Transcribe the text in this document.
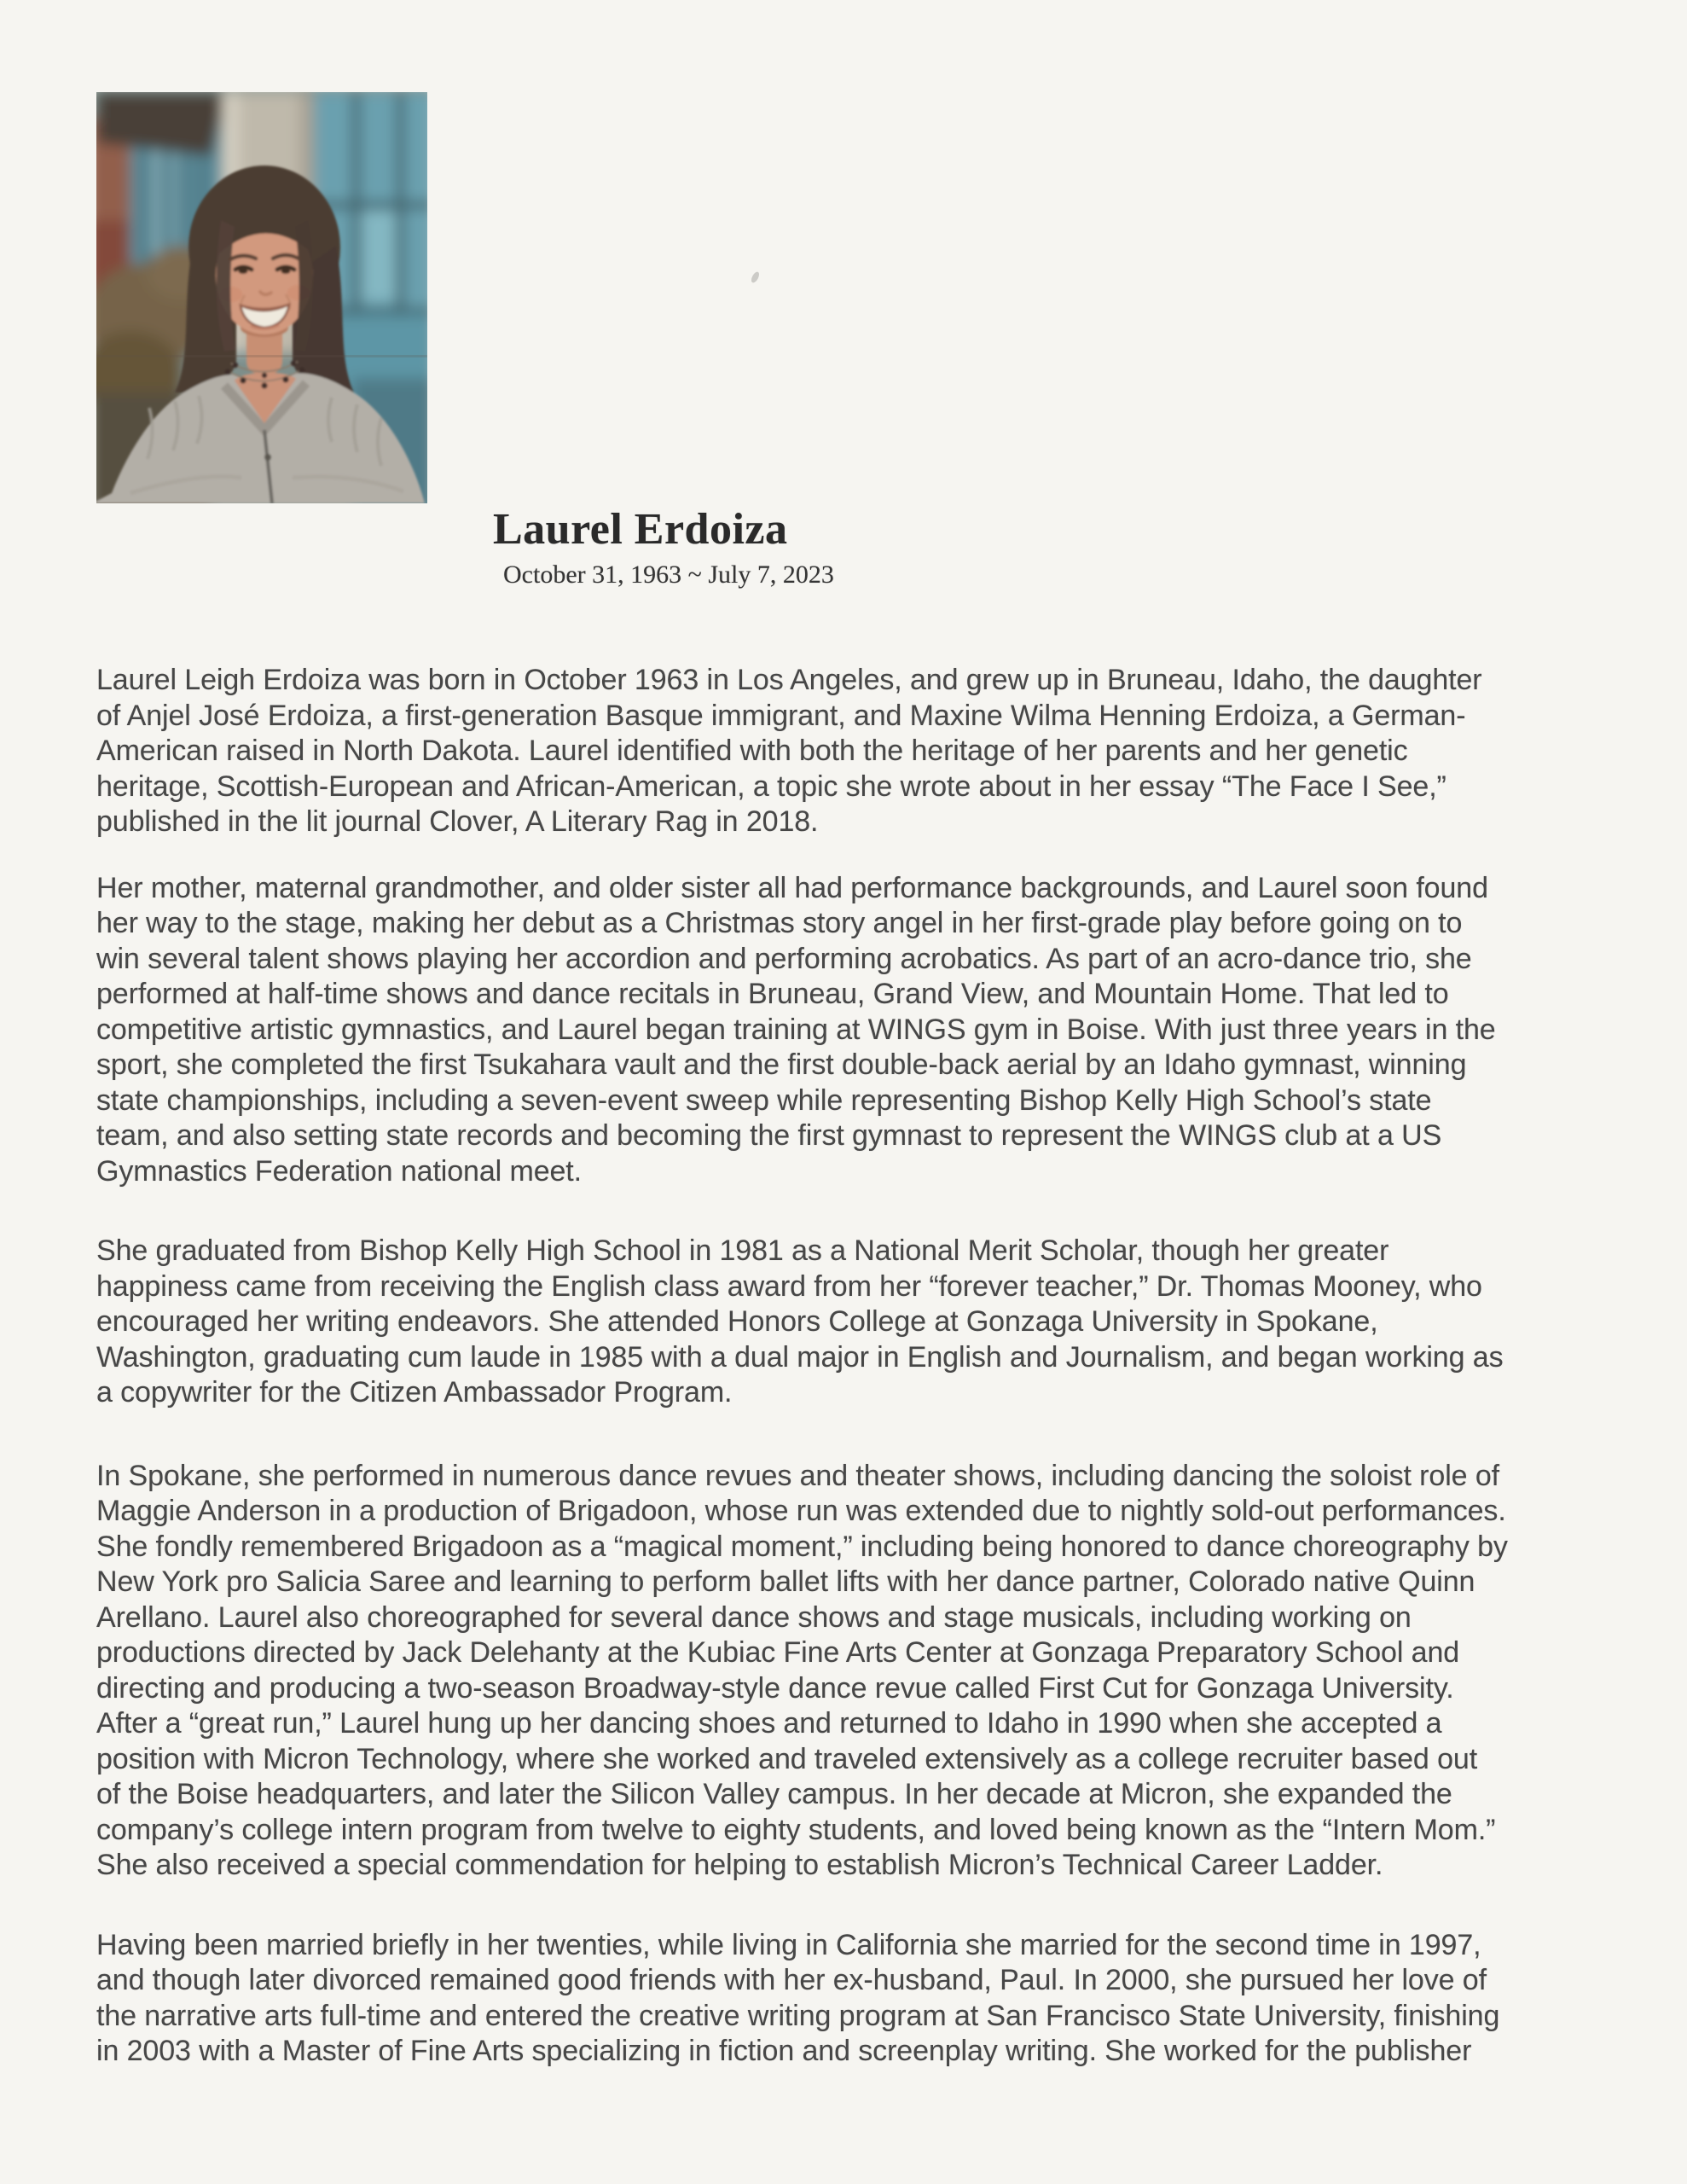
Laurel Erdoiza
October 31, 1963 ~ July 7, 2023
Laurel Leigh Erdoiza was born in October 1963 in Los Angeles, and grew up in Bruneau, Idaho, the daughter
of Anjel José Erdoiza, a first-generation Basque immigrant, and Maxine Wilma Henning Erdoiza, a German-
American raised in North Dakota. Laurel identified with both the heritage of her parents and her genetic
heritage, Scottish-European and African-American, a topic she wrote about in her essay “The Face I See,”
published in the lit journal Clover, A Literary Rag in 2018.
Her mother, maternal grandmother, and older sister all had performance backgrounds, and Laurel soon found
her way to the stage, making her debut as a Christmas story angel in her first-grade play before going on to
win several talent shows playing her accordion and performing acrobatics. As part of an acro-dance trio, she
performed at half-time shows and dance recitals in Bruneau, Grand View, and Mountain Home. That led to
competitive artistic gymnastics, and Laurel began training at WINGS gym in Boise. With just three years in the
sport, she completed the first Tsukahara vault and the first double-back aerial by an Idaho gymnast, winning
state championships, including a seven-event sweep while representing Bishop Kelly High School’s state
team, and also setting state records and becoming the first gymnast to represent the WINGS club at a US
Gymnastics Federation national meet.
She graduated from Bishop Kelly High School in 1981 as a National Merit Scholar, though her greater
happiness came from receiving the English class award from her “forever teacher,” Dr. Thomas Mooney, who
encouraged her writing endeavors. She attended Honors College at Gonzaga University in Spokane,
Washington, graduating cum laude in 1985 with a dual major in English and Journalism, and began working as
a copywriter for the Citizen Ambassador Program.
In Spokane, she performed in numerous dance revues and theater shows, including dancing the soloist role of
Maggie Anderson in a production of Brigadoon, whose run was extended due to nightly sold-out performances.
She fondly remembered Brigadoon as a “magical moment,” including being honored to dance choreography by
New York pro Salicia Saree and learning to perform ballet lifts with her dance partner, Colorado native Quinn
Arellano. Laurel also choreographed for several dance shows and stage musicals, including working on
productions directed by Jack Delehanty at the Kubiac Fine Arts Center at Gonzaga Preparatory School and
directing and producing a two-season Broadway-style dance revue called First Cut for Gonzaga University.
After a “great run,” Laurel hung up her dancing shoes and returned to Idaho in 1990 when she accepted a
position with Micron Technology, where she worked and traveled extensively as a college recruiter based out
of the Boise headquarters, and later the Silicon Valley campus. In her decade at Micron, she expanded the
company’s college intern program from twelve to eighty students, and loved being known as the “Intern Mom.”
She also received a special commendation for helping to establish Micron’s Technical Career Ladder.
Having been married briefly in her twenties, while living in California she married for the second time in 1997,
and though later divorced remained good friends with her ex-husband, Paul. In 2000, she pursued her love of
the narrative arts full-time and entered the creative writing program at San Francisco State University, finishing
in 2003 with a Master of Fine Arts specializing in fiction and screenplay writing. She worked for the publisher
